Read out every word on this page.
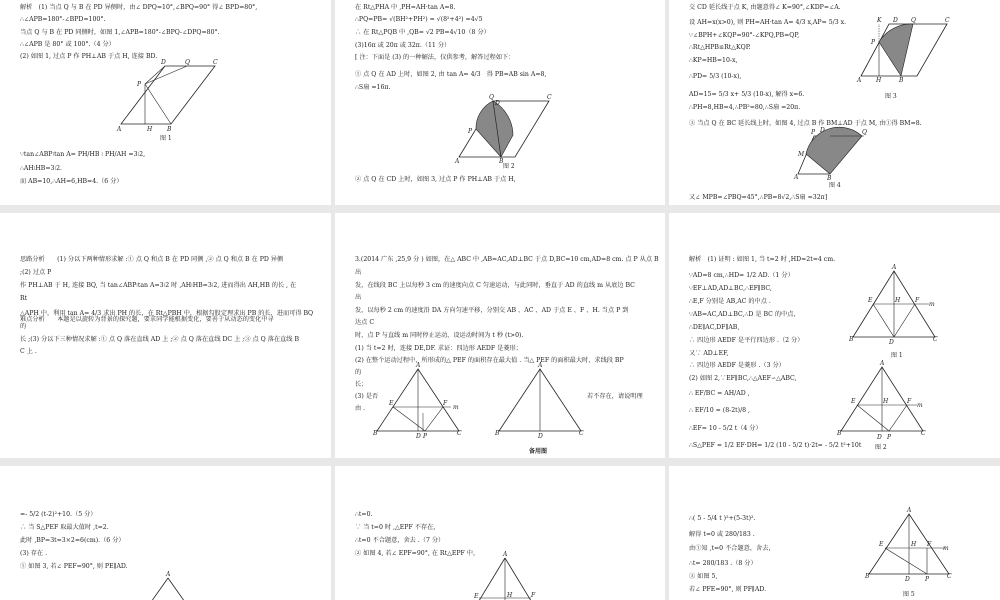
解析　(1) 当点 Q 与 B 在 PD 异侧时，由∠ DPQ=10°,∠BPQ=90° 得∠ BPD=80°,
∴∠APB=180°-∠BPD=100°.
当点 Q 与 B 在 PD 同侧时，如图 1,∠APB=180°-∠BPQ-∠DPQ=80°.
∴∠APB 是 80° 或 100°.（4 分）
(2) 如图 1, 过点 P 作 PH⊥AB 于点 H, 连接 BD.
A	H B
D	Q	C
P
图 1
∵tan∠ABP∶tan A= PH/HB ∶ PH/AH =3∶2,
∴AH∶HB=3∶2.
而 AB=10,∴AH=6,HB=4.（6 分）
在 Rt△PHA 中 ,PH=AH·tan A=8.
∴PQ=PB= √(BH²+PH²) = √(8²+4²) =4√5
∴ 在 Rt△PQB 中 ,QB= √2 PB=4√10（8 分）
(3)16π 或 20π 或 32π.（11 分）
[ 注：下面是 (3) 的一种解法，仅供参考，解答过程如下：
① 点 Q 在 AD 上时，如图 2, 由 tan A= 4/3　得 PB=AB sin A=8,
∴S扇 =16π.
A	B
Q
D
C
P
图 2
② 点 Q 在 CD 上时，如图 3, 过点 P 作 PH⊥AB 于点 H,
交 CD 延长线于点 K, 由题意得∠ K=90°,∠KDP=∠A.
设 AH=x(x>0), 则 PH=AH·tan A= 4/3 x,AP= 5/3 x.
∵∠BPH+∠KQP=90°-∠KPQ,PB=QP,
∴Rt△HPB≌Rt△KQP.
∴KP=HB=10-x,
∴PD= 5/3 (10-x),
AD=15= 5/3 x+ 5/3 (10-x), 解得 x=6.
∴PH=8,HB=4,∴PB²=80,∴S扇 =20π.
A H	B
K D Q	C
P
图 3
③ 当点 Q 在 BC 延长线上时，如图 4, 过点 B 作 BM⊥AD 于点 M, 由①得 BM=8.
A	B
P D	Q
M
图 4
又∠ MPB=∠PBQ=45°,∴PB=8√2,∴S扇 =32π]
思路分析　　(1) 分以下两种情形求解 :① 点 Q 和点 B 在 PD 同侧 ,② 点 Q 和点 B 在 PD 异侧
;(2) 过点 P
作 PH⊥AB 于 H, 连接 BQ, 当 tan∠ABP∶tan A=3∶2 时 ,AH∶HB=3∶2, 进而得出 AH,HB 的长 , 在
Rt
△APH 中，利用 tan A= 4/3 求出 PH 的长，在 Rt△PBH 中，根据勾股定理求出 PB 的长，进而可得 BQ
难点分析　　本题是以旋转为背景的探究题，要求同学能根据变化，要善于从动态的变化中寻
的
长 ;(3) 分以下三种情况求解 :① 点 Q 落在直线 AD 上 ;② 点 Q 落在直线 DC 上 ;③ 点 Q 落在直线 B
C 上 .
3.(2014 广东 ,25,9 分 ) 如图，在△ ABC 中 ,AB=AC,AD⊥BC 于点 D,BC=10 cm,AD=8 cm. 点 P 从点 B
出
发，在线段 BC 上以每秒 3 cm 的速度向点 C 匀速运动，与此同时，垂直于 AD 的直线 m 从底边 BC
出
发，以每秒 2 cm 的速度沿 DA 方向匀速平移，分别交 AB 、AC 、AD 于点 E 、F 、H. 当点 P 到
达点 C
时，点 P 与直线 m 同时停止运动，设运动时间为 t 秒 (t>0).
(1) 当 t=2 时，连接 DE,DF. 求证：四边形 AEDF 是菱形；
(2) 在整个运动过程中，所形成的△ PEF 的面积存在最大值 . 当△ PEF 的面积最大时，求线段 BP
的
长；
(3) 是否	若不存在，请说明理
由 .
A
B	C
D P
E	F
m
A
B	C
D
备用图
解析　(1) 证明 : 如图 1, 当 t=2 时 ,HD=2t=4 cm.
∵AD=8 cm,∴HD= 1/2 AD.（1 分）
∵EF⊥AD,AD⊥BC,∴EF∥BC,
∴E,F 分别是 AB,AC 的中点 .
∵AB=AC,AD⊥BC,∴D 是 BC 的中点，
∴DE∥AC,DF∥AB,
∴ 四边形 AEDF 是平行四边形 .（2 分）
又∵ AD⊥EF,
∴ 四边形 AEDF 是菱形 .（3 分）
(2) 如图 2,∵EF∥BC,∴△AEF∽△ABC,
∴ EF/BC = AH/AD ,
∴ EF/10 = (8-2t)/8 ,
∴EF= 10 - 5/2 t（4 分）
∴S△PEF = 1/2 EF·DH= 1/2 (10 - 5/2 t)·2t= - 5/2 t²+10t
A
B	C
D
E	H F
m
图 1
A
B	C
D P
E	H	F
m
图 2
=- 5/2 (t-2)²+10.（5 分）
∴ 当 S△PEF 取最大值时 ,t=2.
此时 ,BP=3t=3×2=6(cm).（6 分）
(3) 存在 .
① 如图 3, 若∠ PEF=90°, 则 PE∥AD.
A
∴t=0.
∵ 当 t=0 时 ,△EPF 不存在，
∴t=0 不合题意，舍去 .（7 分）
② 如图 4, 若∠ EPF=90°, 在 Rt△EPF 中，	A
E	H	F
∴( 5 - 5/4 t )²+(5-3t)².
解得 t=0 或 280/183 .
由①知 ,t=0 不合题意，舍去，
∴t= 280/183 .（8 分）
③ 如图 5,
若∠ PFE=90°, 则 PF∥AD.
A
B	C
D	P
E	H F
m
图 5
